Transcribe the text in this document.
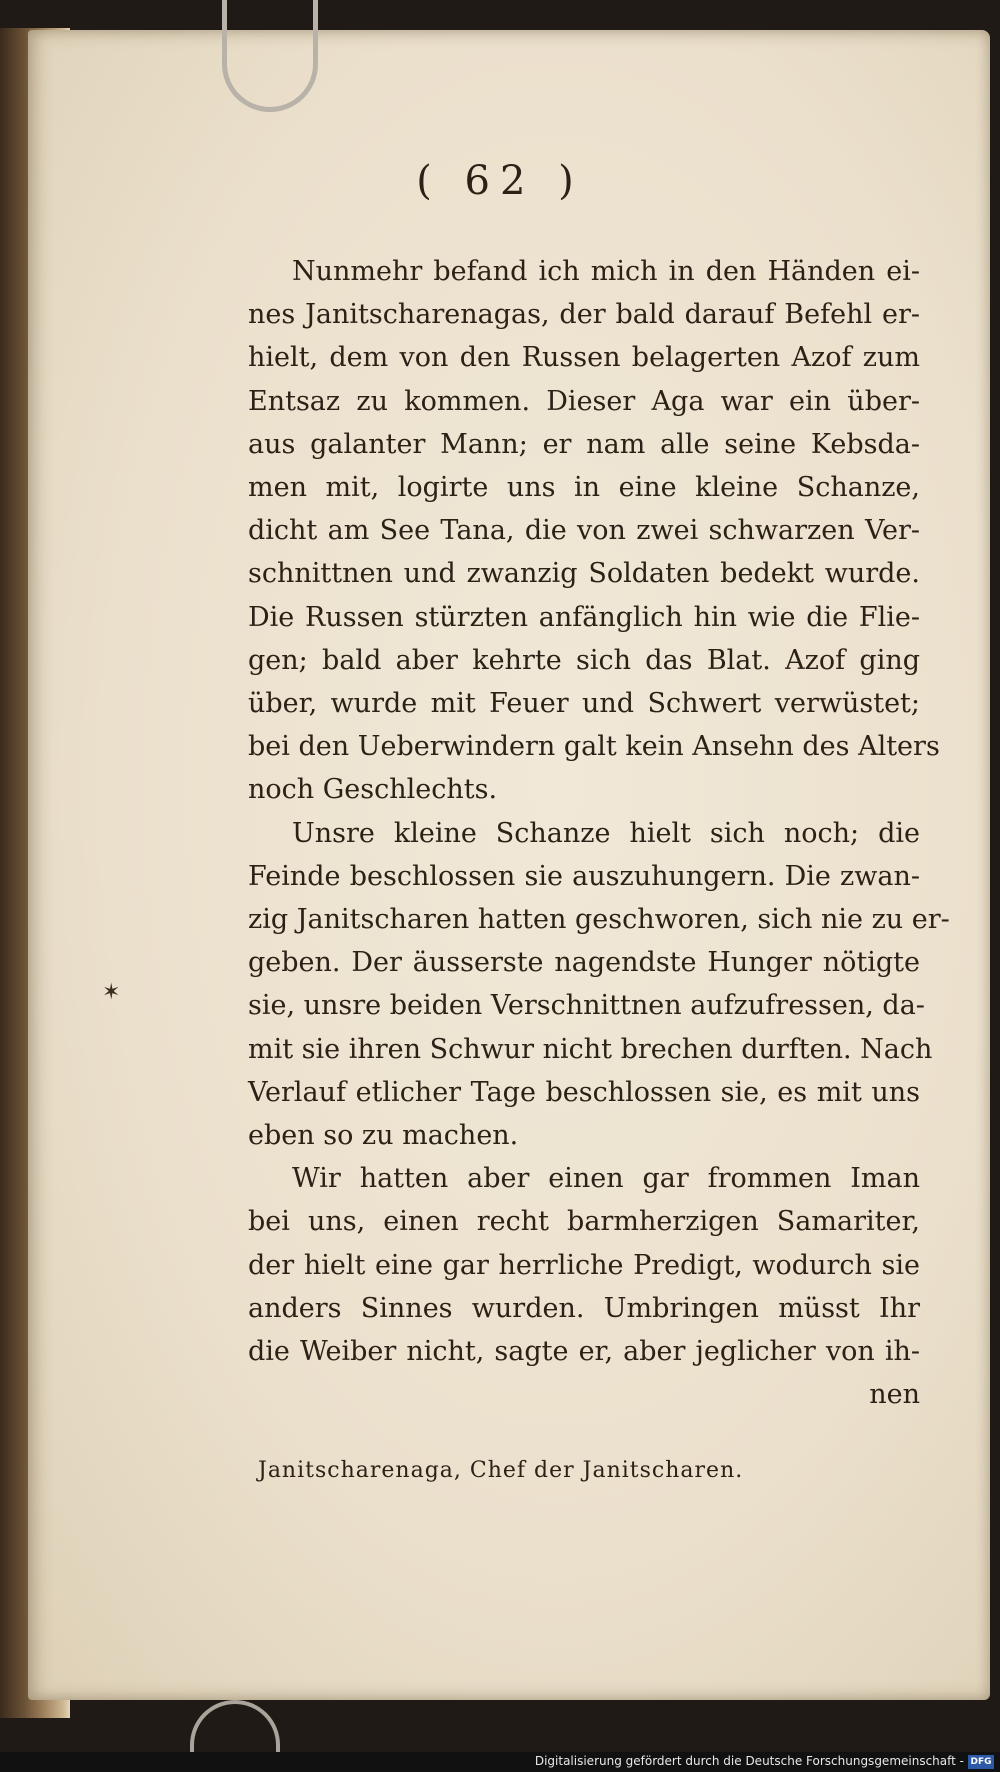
( 62 )
Nunmehr befand ich mich in den Händen ei-
nes Janitscharenagas, der bald darauf Befehl er-
hielt, dem von den Russen belagerten Azof zum
Entsaz zu kommen. Dieser Aga war ein über-
aus galanter Mann; er nam alle seine Kebsda-
men mit, logirte uns in eine kleine Schanze,
dicht am See Tana, die von zwei schwarzen Ver-
schnittnen und zwanzig Soldaten bedekt wurde.
Die Russen stürzten anfänglich hin wie die Flie-
gen; bald aber kehrte sich das Blat. Azof ging
über, wurde mit Feuer und Schwert verwüstet;
bei den Ueberwindern galt kein Ansehn des Alters
noch Geschlechts.
Unsre kleine Schanze hielt sich noch; die
Feinde beschlossen sie auszuhungern. Die zwan-
zig Janitscharen hatten geschworen, sich nie zu er-
geben. Der äusserste nagendste Hunger nötigte
sie, unsre beiden Verschnittnen aufzufressen, da-
mit sie ihren Schwur nicht brechen durften. Nach
Verlauf etlicher Tage beschlossen sie, es mit uns
eben so zu machen.
Wir hatten aber einen gar frommen Iman
bei uns, einen recht barmherzigen Samariter,
der hielt eine gar herrliche Predigt, wodurch sie
anders Sinnes wurden. Umbringen müsst Ihr
die Weiber nicht, sagte er, aber jeglicher von ih-
nen
✶
Janitscharenaga, Chef der Janitscharen.
Digitalisierung gefördert durch die Deutsche Forschungsgemeinschaft - DFG
